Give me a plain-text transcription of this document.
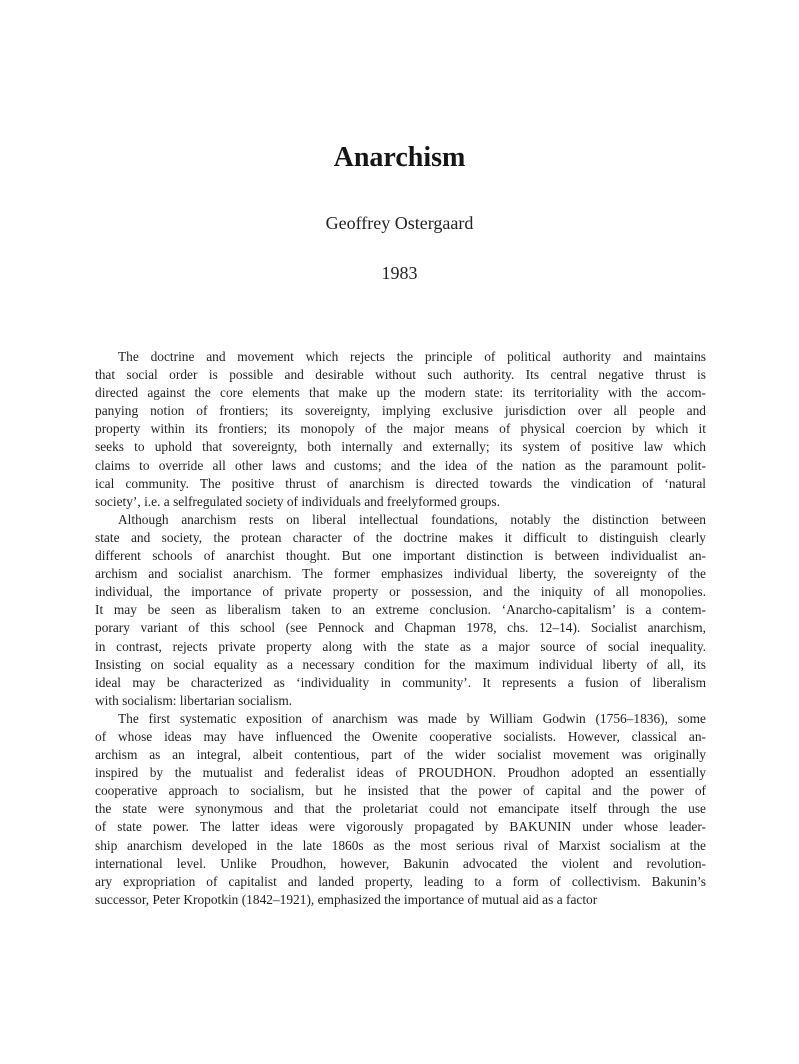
Anarchism
Geoffrey Ostergaard
1983

The doctrine and movement which rejects the principle of political authority and maintains
that social order is possible and desirable without such authority. Its central negative thrust is
directed against the core elements that make up the modern state: its territoriality with the accom-
panying notion of frontiers; its sovereignty, implying exclusive jurisdiction over all people and
property within its frontiers; its monopoly of the major means of physical coercion by which it
seeks to uphold that sovereignty, both internally and externally; its system of positive law which
claims to override all other laws and customs; and the idea of the nation as the paramount polit-
ical community. The positive thrust of anarchism is directed towards the vindication of ‘natural
society’, i.e. a selfregulated society of individuals and freelyformed groups.

Although anarchism rests on liberal intellectual foundations, notably the distinction between
state and society, the protean character of the doctrine makes it difficult to distinguish clearly
different schools of anarchist thought. But one important distinction is between individualist an-
archism and socialist anarchism. The former emphasizes individual liberty, the sovereignty of the
individual, the importance of private property or possession, and the iniquity of all monopolies.
It may be seen as liberalism taken to an extreme conclusion. ‘Anarcho-capitalism’ is a contem-
porary variant of this school (see Pennock and Chapman 1978, chs. 12–14). Socialist anarchism,
in contrast, rejects private property along with the state as a major source of social inequality.
Insisting on social equality as a necessary condition for the maximum individual liberty of all, its
ideal may be characterized as ‘individuality in community’. It represents a fusion of liberalism
with socialism: libertarian socialism.

The first systematic exposition of anarchism was made by William Godwin (1756–1836), some
of whose ideas may have influenced the Owenite cooperative socialists. However, classical an-
archism as an integral, albeit contentious, part of the wider socialist movement was originally
inspired by the mutualist and federalist ideas of PROUDHON. Proudhon adopted an essentially
cooperative approach to socialism, but he insisted that the power of capital and the power of
the state were synonymous and that the proletariat could not emancipate itself through the use
of state power. The latter ideas were vigorously propagated by BAKUNIN under whose leader-
ship anarchism developed in the late 1860s as the most serious rival of Marxist socialism at the
international level. Unlike Proudhon, however, Bakunin advocated the violent and revolution-
ary expropriation of capitalist and landed property, leading to a form of collectivism. Bakunin’s
successor, Peter Kropotkin (1842–1921), emphasized the importance of mutual aid as a factor
